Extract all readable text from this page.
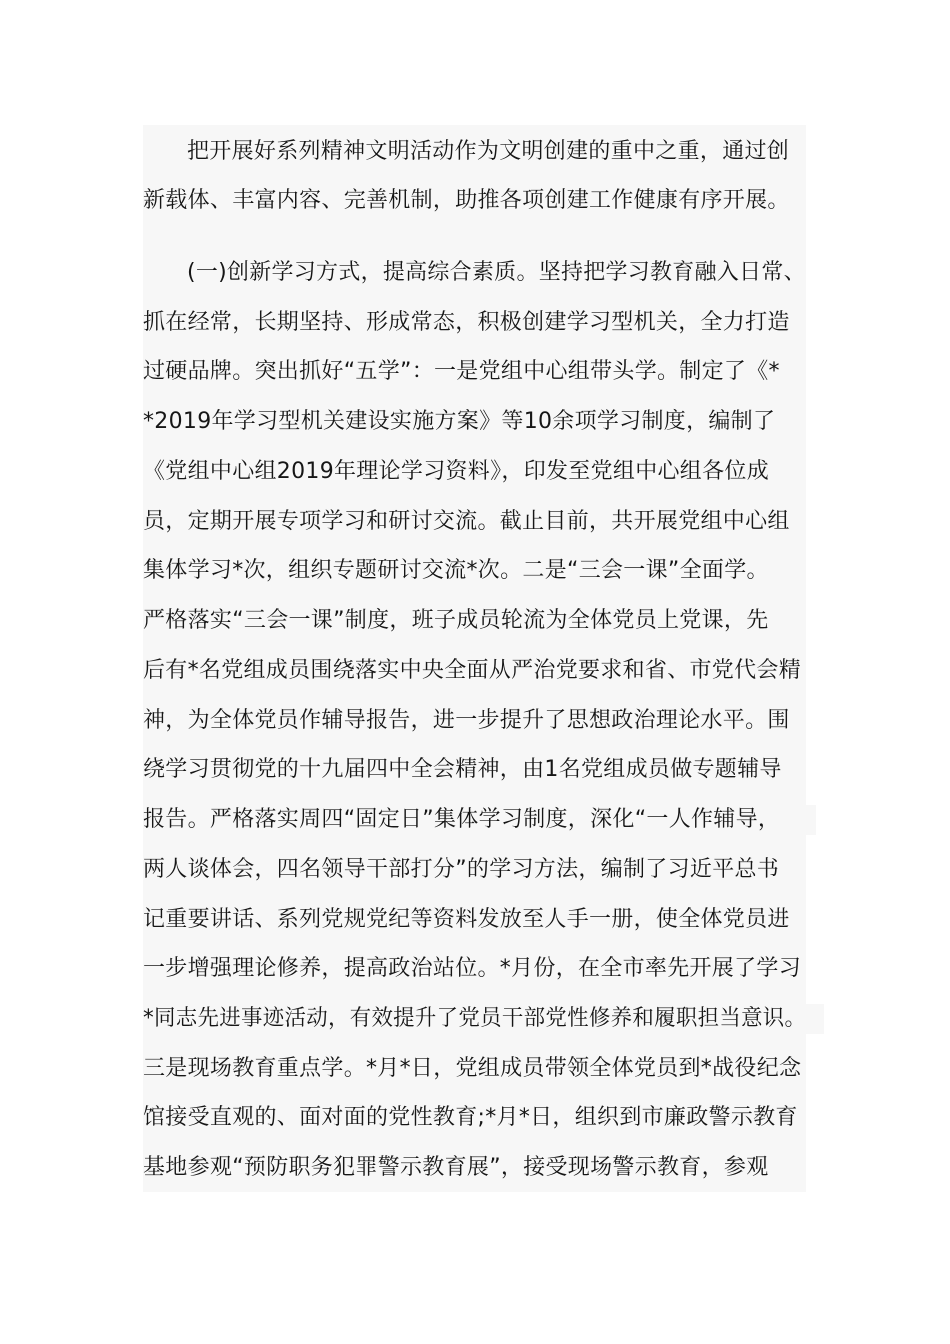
把开展好系列精神文明活动作为文明创建的重中之重，通过创
新载体、丰富内容、完善机制，助推各项创建工作健康有序开展。
(一)创新学习方式，提高综合素质。坚持把学习教育融入日常、
抓在经常，长期坚持、形成常态，积极创建学习型机关，全力打造
过硬品牌。突出抓好“五学”：一是党组中心组带头学。制定了《*
*2019年学习型机关建设实施方案》等10余项学习制度，编制了
《党组中心组2019年理论学习资料》，印发至党组中心组各位成
员，定期开展专项学习和研讨交流。截止目前，共开展党组中心组
集体学习*次，组织专题研讨交流*次。二是“三会一课”全面学。
严格落实“三会一课”制度，班子成员轮流为全体党员上党课，先
后有*名党组成员围绕落实中央全面从严治党要求和省、市党代会精
神，为全体党员作辅导报告，进一步提升了思想政治理论水平。围
绕学习贯彻党的十九届四中全会精神，由1名党组成员做专题辅导
报告。严格落实周四“固定日”集体学习制度，深化“一人作辅导，
两人谈体会，四名领导干部打分”的学习方法，编制了习近平总书
记重要讲话、系列党规党纪等资料发放至人手一册，使全体党员进
一步增强理论修养，提高政治站位。*月份，在全市率先开展了学习
*同志先进事迹活动，有效提升了党员干部党性修养和履职担当意识。
三是现场教育重点学。*月*日，党组成员带领全体党员到*战役纪念
馆接受直观的、面对面的党性教育;*月*日，组织到市廉政警示教育
基地参观“预防职务犯罪警示教育展”，接受现场警示教育，参观
